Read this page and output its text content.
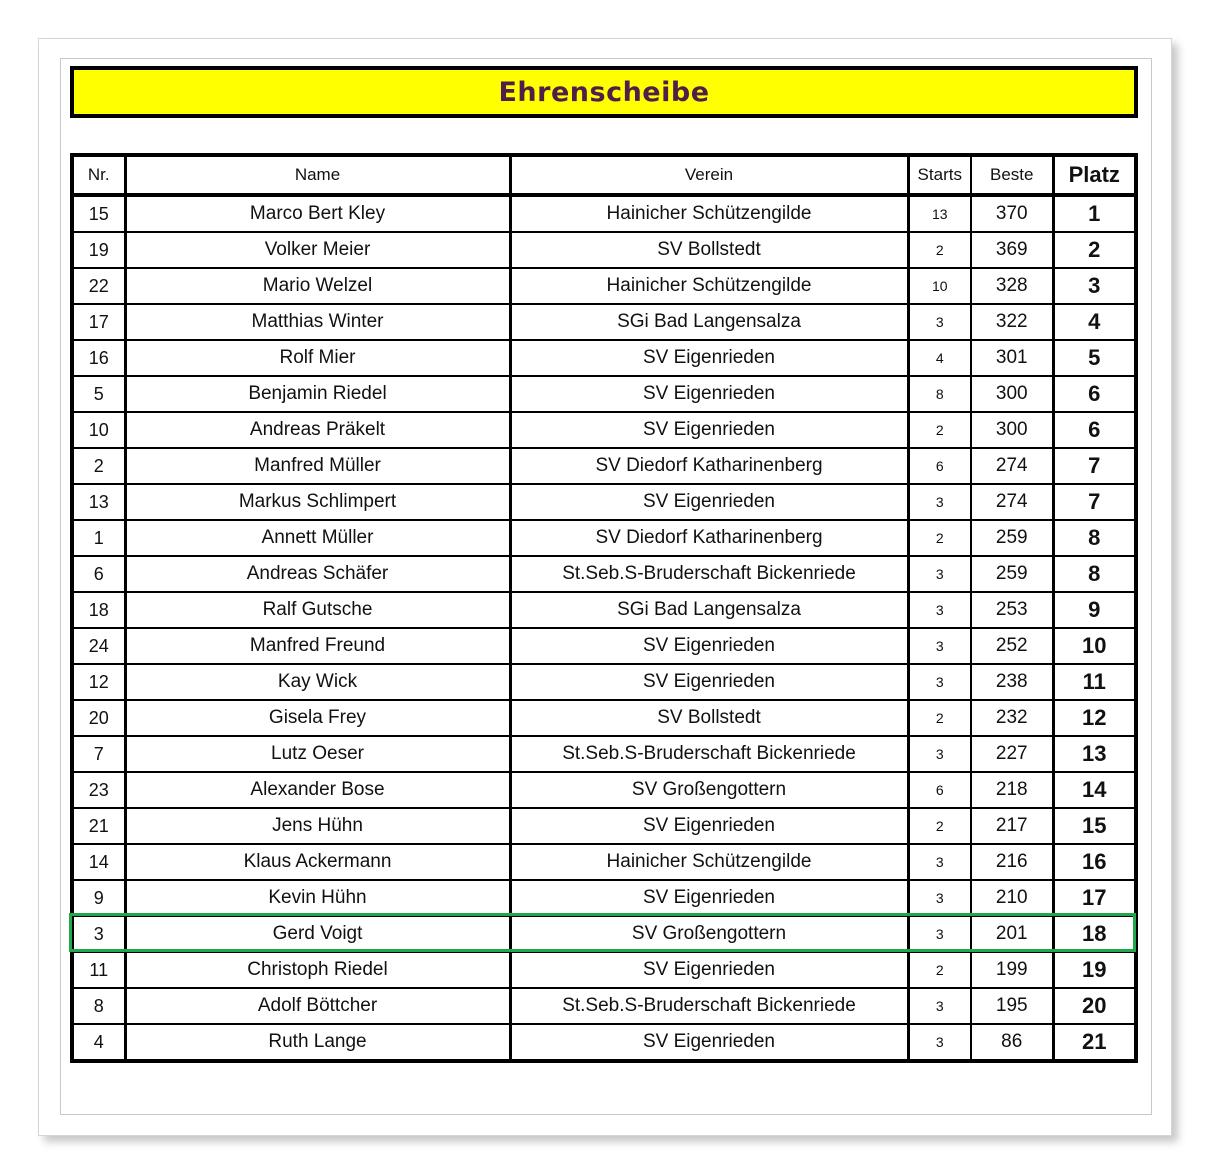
Ehrenscheibe
Nr.	Name	Verein	Starts	Beste	Platz
15	Marco Bert Kley	Hainicher Schützengilde	13	370	1
19	Volker Meier	SV Bollstedt	2	369	2
22	Mario Welzel	Hainicher Schützengilde	10	328	3
17	Matthias Winter	SGi Bad Langensalza	3	322	4
16	Rolf Mier	SV Eigenrieden	4	301	5
5	Benjamin Riedel	SV Eigenrieden	8	300	6
10	Andreas Präkelt	SV Eigenrieden	2	300	6
2	Manfred Müller	SV Diedorf Katharinenberg	6	274	7
13	Markus Schlimpert	SV Eigenrieden	3	274	7
1	Annett Müller	SV Diedorf Katharinenberg	2	259	8
6	Andreas Schäfer	St.Seb.S-Bruderschaft Bickenriede	3	259	8
18	Ralf Gutsche	SGi Bad Langensalza	3	253	9
24	Manfred Freund	SV Eigenrieden	3	252	10
12	Kay Wick	SV Eigenrieden	3	238	11
20	Gisela Frey	SV Bollstedt	2	232	12
7	Lutz Oeser	St.Seb.S-Bruderschaft Bickenriede	3	227	13
23	Alexander Bose	SV Großengottern	6	218	14
21	Jens Hühn	SV Eigenrieden	2	217	15
14	Klaus Ackermann	Hainicher Schützengilde	3	216	16
9	Kevin Hühn	SV Eigenrieden	3	210	17
3	Gerd Voigt	SV Großengottern	3	201	18
11	Christoph Riedel	SV Eigenrieden	2	199	19
8	Adolf Böttcher	St.Seb.S-Bruderschaft Bickenriede	3	195	20
4	Ruth Lange	SV Eigenrieden	3	86	21
